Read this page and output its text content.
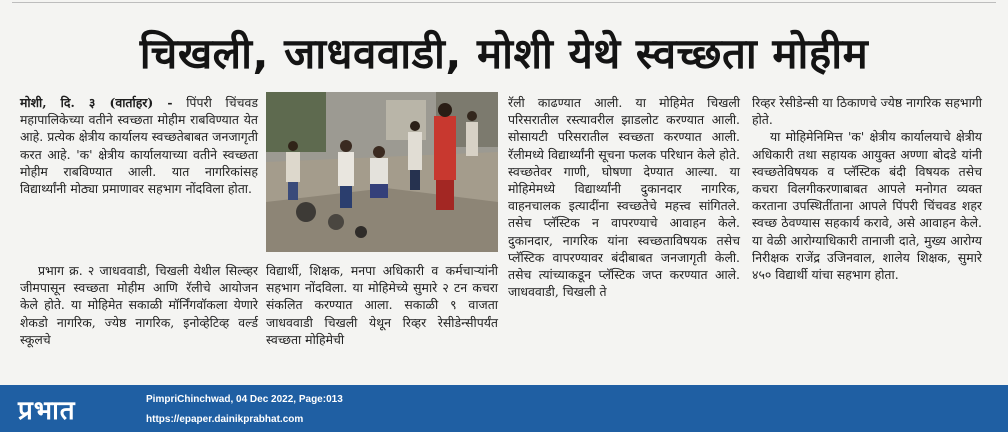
चिखली, जाधववाडी, मोशी येथे स्वच्छता मोहीम

मोशी, दि. ३ (वार्ताहर) - पिंपरी चिंचवड महापालिकेच्या वतीने स्वच्छता मोहीम राबविण्यात येत आहे. प्रत्येक क्षेत्रीय कार्यालय स्वच्छतेबाबत जनजागृती करत आहे. 'क' क्षेत्रीय कार्यालयाच्या वतीने स्वच्छता मोहीम राबविण्यात आली. यात नागरिकांसह विद्यार्थ्यांनी मोठ्या प्रमाणावर सहभाग नोंदविला होता.

प्रभाग क्र. २ जाधववाडी, चिखली येथील सिल्व्हर जीमपासून स्वच्छता मोहीम आणि रॅलीचे आयोजन केले होते. या मोहिमेत सकाळी मॉर्निंगवॉकला येणारे शेकडो नागरिक, ज्येष्ठ नागरिक, इनोव्हेटिव्ह वर्ल्ड स्कूलचे

विद्यार्थी, शिक्षक, मनपा अधिकारी व कर्मचाऱ्यांनी सहभाग नोंदविला. या मोहिमेच्ये सुमारे २ टन कचरा संकलित करण्यात आला. सकाळी ९ वाजता जाधववाडी चिखली येथून रिव्हर रेसीडेन्सीपर्यंत स्वच्छता मोहिमेची

रॅली काढण्यात आली. या मोहिमेत चिखली परिसरातील रस्त्यावरील झाडलोट करण्यात आली. सोसायटी परिसरातील स्वच्छता करण्यात आली. रॅलीमध्ये विद्यार्थ्यांनी सूचना फलक परिधान केले होते. स्वच्छतेवर गाणी, घोषणा देण्यात आल्या. या मोहिमेमध्ये विद्यार्थ्यांनी दुकानदार नागरिक, वाहनचालक इत्यादींना स्वच्छतेचे महत्त्व सांगितले. तसेच प्लॅस्टिक न वापरण्याचे आवाहन केले. दुकानदार, नागरिक यांना स्वच्छताविषयक तसेच प्लॅस्टिक वापरण्यावर बंदीबाबत जनजागृती केली. तसेच त्यांच्याकडून प्लॅस्टिक जप्त करण्यात आले. जाधववाडी, चिखली ते

रिव्हर रेसीडेन्सी या ठिकाणचे ज्येष्ठ नागरिक सहभागी होते.

या मोहिमेनिमित्त 'क' क्षेत्रीय कार्यालयाचे क्षेत्रीय अधिकारी तथा सहायक आयुक्त अण्णा बोदडे यांनी स्वच्छतेविषयक व प्लॅस्टिक बंदी विषयक तसेच कचरा विलगीकरणाबाबत आपले मनोगत व्यक्त करताना उपस्थितींताना आपले पिंपरी चिंचवड शहर स्वच्छ ठेवण्यास सहकार्य करावे, असे आवाहन केले. या वेळी आरोग्याधिकारी तानाजी दाते, मुख्य आरोग्य निरीक्षक राजेंद्र उजिनवाल, शालेय शिक्षक, सुमारे ४५० विद्यार्थी यांचा सहभाग होता.

प्रभात	PimpriChinchwad, 04 Dec 2022, Page:013
https://epaper.dainikprabhat.com
